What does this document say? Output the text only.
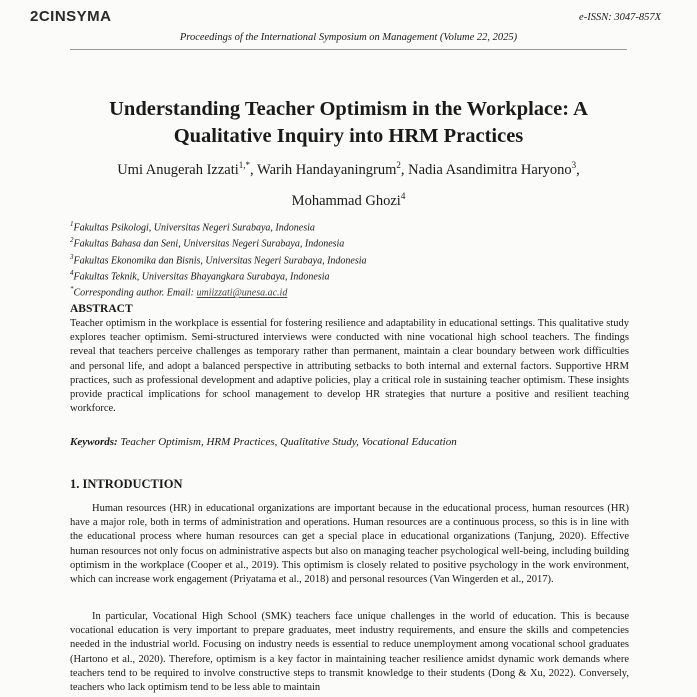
2CINSYMA	e-ISSN: 3047-857X
Proceedings of the International Symposium on Management (Volume 22, 2025)
Understanding Teacher Optimism in the Workplace: A Qualitative Inquiry into HRM Practices
Umi Anugerah Izzati$^{1,*}$, Warih Handayaningrum$^2$, Nadia Asandimitra Haryono$^3$,
Mohammad Ghozi$^4$
$^1$Fakultas Psikologi, Universitas Negeri Surabaya, Indonesia
$^2$Fakultas Bahasa dan Seni, Universitas Negeri Surabaya, Indonesia
$^3$Fakultas Ekonomika dan Bisnis, Universitas Negeri Surabaya, Indonesia
$^4$Fakultas Teknik, Universitas Bhayangkara Surabaya, Indonesia
*Corresponding author. Email: umiizzati@unesa.ac.id
ABSTRACT

Teacher optimism in the workplace is essential for fostering resilience and adaptability in educational settings. This qualitative study explores teacher optimism. Semi-structured interviews were conducted with nine vocational high school teachers. The findings reveal that teachers perceive challenges as temporary rather than permanent, maintain a clear boundary between work difficulties and personal life, and adopt a balanced perspective in attributing setbacks to both internal and external factors. Supportive HRM practices, such as professional development and adaptive policies, play a critical role in sustaining teacher optimism. These insights provide practical implications for school management to develop HR strategies that nurture a positive and resilient teaching workforce.

Keywords: Teacher Optimism, HRM Practices, Qualitative Study, Vocational Education
1. INTRODUCTION

Human resources (HR) in educational organizations are important because in the educational process, human resources (HR) have a major role, both in terms of administration and operations. Human resources are a continuous process, so this is in line with the educational process where human resources can get a special place in educational organizations (Tanjung, 2020). Effective human resources not only focus on administrative aspects but also on managing teacher psychological well-being, including building optimism in the workplace (Cooper et al., 2019). This optimism is closely related to positive psychology in the work environment, which can increase work engagement (Priyatama et al., 2018) and personal resources (Van Wingerden et al., 2017).

In particular, Vocational High School (SMK) teachers face unique challenges in the world of education. This is because vocational education is very important to prepare graduates, meet industry requirements, and ensure the skills and competencies needed in the industrial world. Focusing on industry needs is essential to reduce unemployment among vocational school graduates (Hartono et al., 2020). Therefore, optimism is a key factor in maintaining teacher resilience amidst dynamic work demands where teachers tend to be required to involve constructive steps to transmit knowledge to their students (Dong & Xu, 2022). Conversely, teachers who lack optimism tend to be less able to maintain
